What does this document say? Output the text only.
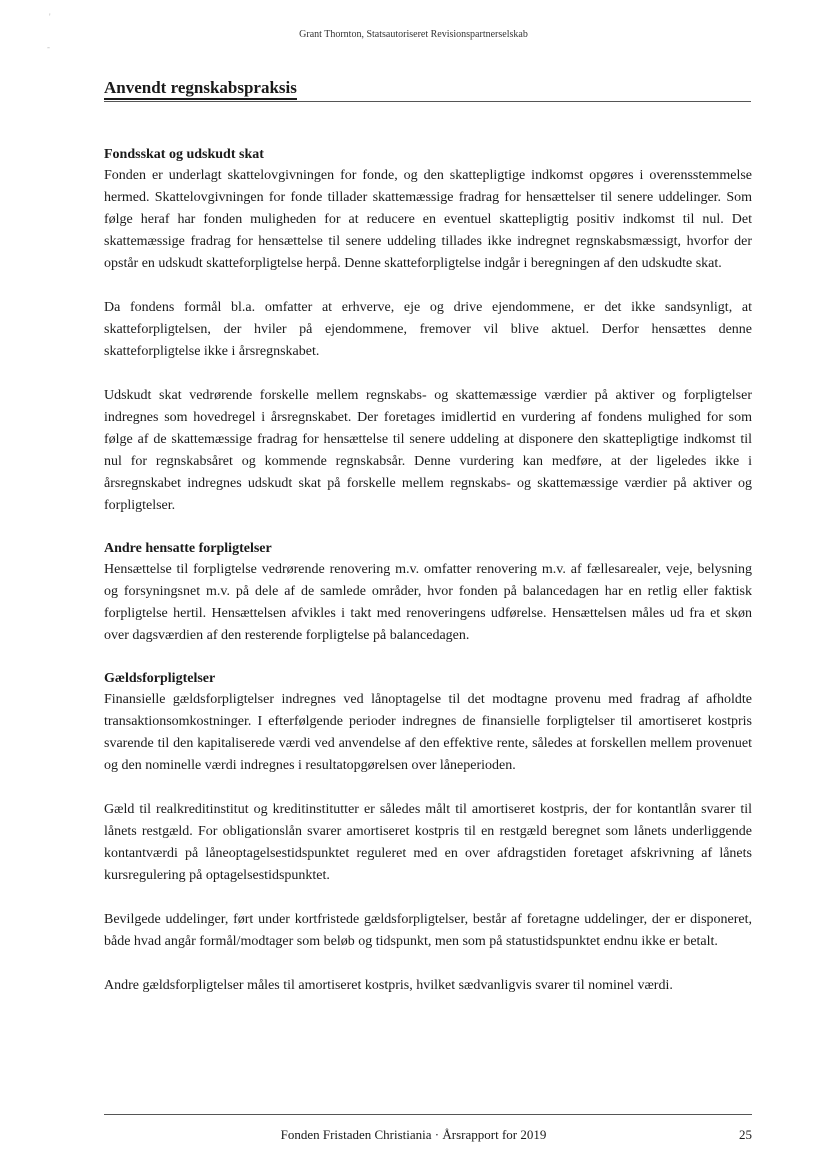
'
-
Grant Thornton, Statsautoriseret Revisionspartnerselskab
Anvendt regnskabspraksis
Fondsskat og udskudt skat

Fonden er underlagt skattelovgivningen for fonde, og den skattepligtige indkomst opgøres i overensstemmelse hermed. Skattelovgivningen for fonde tillader skattemæssige fradrag for hensættelser til senere uddelinger. Som følge heraf har fonden muligheden for at reducere en eventuel skattepligtig positiv indkomst til nul. Det skattemæssige fradrag for hensættelse til senere uddeling tillades ikke indregnet regnskabsmæssigt, hvorfor der opstår en udskudt skatteforpligtelse herpå. Denne skatteforpligtelse indgår i beregningen af den udskudte skat.

Da fondens formål bl.a. omfatter at erhverve, eje og drive ejendommene, er det ikke sandsynligt, at skatteforpligtelsen, der hviler på ejendommene, fremover vil blive aktuel. Derfor hensættes denne skatteforpligtelse ikke i årsregnskabet.

Udskudt skat vedrørende forskelle mellem regnskabs- og skattemæssige værdier på aktiver og forpligtelser indregnes som hovedregel i årsregnskabet. Der foretages imidlertid en vurdering af fondens mulighed for som følge af de skattemæssige fradrag for hensættelse til senere uddeling at disponere den skattepligtige indkomst til nul for regnskabsåret og kommende regnskabsår. Denne vurdering kan medføre, at der ligeledes ikke i årsregnskabet indregnes udskudt skat på forskelle mellem regnskabs- og skattemæssige værdier på aktiver og forpligtelser.

Andre hensatte forpligtelser

Hensættelse til forpligtelse vedrørende renovering m.v. omfatter renovering m.v. af fællesarealer, veje, belysning og forsyningsnet m.v. på dele af de samlede områder, hvor fonden på balancedagen har en retlig eller faktisk forpligtelse hertil. Hensættelsen afvikles i takt med renoveringens udførelse. Hensættelsen måles ud fra et skøn over dagsværdien af den resterende forpligtelse på balancedagen.

Gældsforpligtelser

Finansielle gældsforpligtelser indregnes ved lånoptagelse til det modtagne provenu med fradrag af afholdte transaktionsomkostninger. I efterfølgende perioder indregnes de finansielle forpligtelser til amortiseret kostpris svarende til den kapitaliserede værdi ved anvendelse af den effektive rente, således at forskellen mellem provenuet og den nominelle værdi indregnes i resultatopgørelsen over låneperioden.

Gæld til realkreditinstitut og kreditinstitutter er således målt til amortiseret kostpris, der for kontantlån svarer til lånets restgæld. For obligationslån svarer amortiseret kostpris til en restgæld beregnet som lånets underliggende kontantværdi på låneoptagelsestidspunktet reguleret med en over afdragstiden foretaget afskrivning af lånets kursregulering på optagelsestidspunktet.

Bevilgede uddelinger, ført under kortfristede gældsforpligtelser, består af foretagne uddelinger, der er disponeret, både hvad angår formål/modtager som beløb og tidspunkt, men som på statustidspunktet endnu ikke er betalt.

Andre gældsforpligtelser måles til amortiseret kostpris, hvilket sædvanligvis svarer til nominel værdi.

Fonden Fristaden Christiania · Årsrapport for 2019	25
